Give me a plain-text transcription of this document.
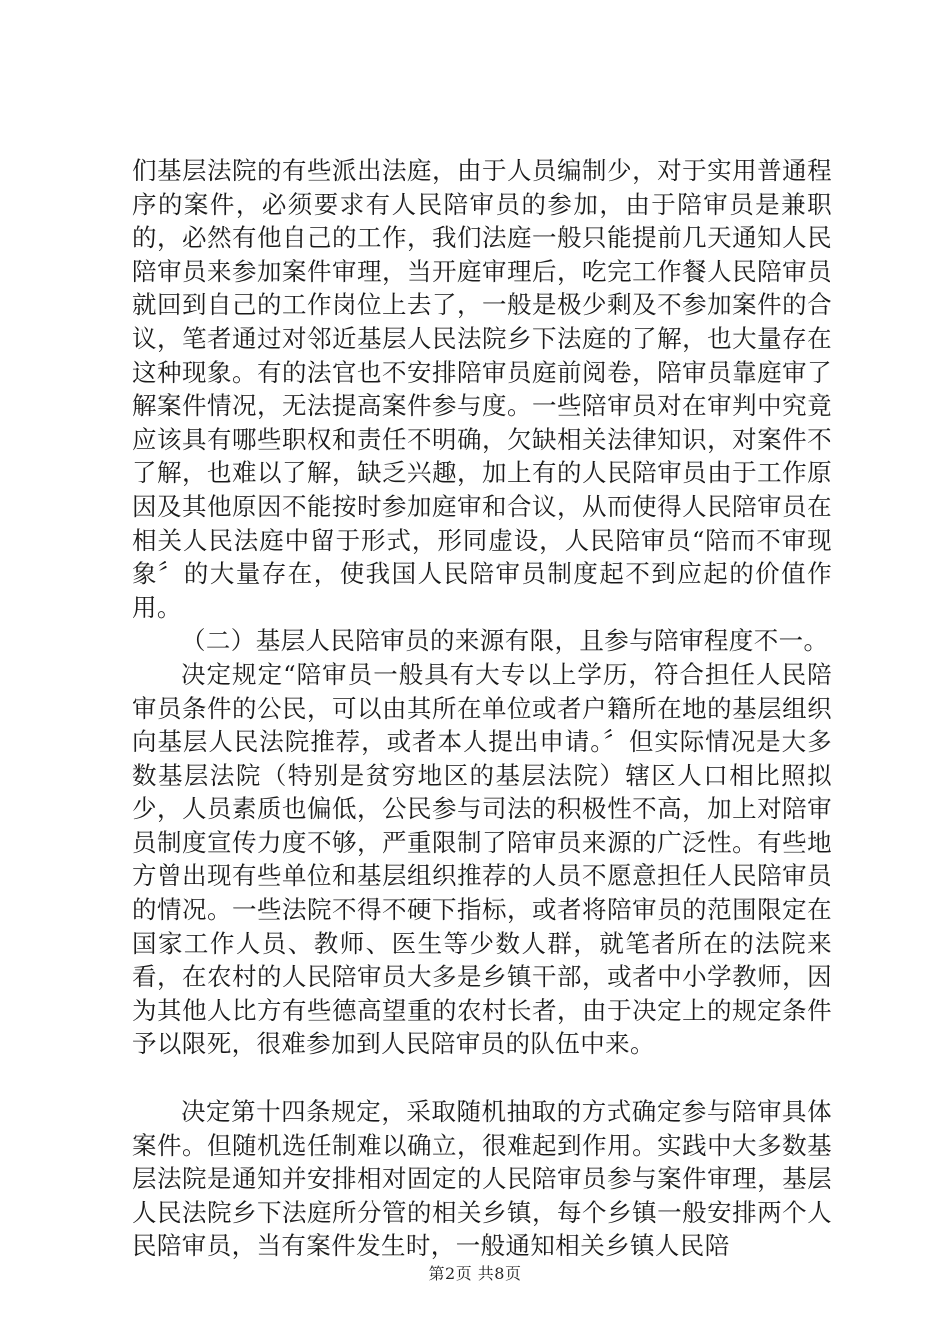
们基层法院的有些派出法庭，由于人员编制少，对于实用普通程序的案件，必须要求有人民陪审员的参加，由于陪审员是兼职的，必然有他自己的工作，我们法庭一般只能提前几天通知人民陪审员来参加案件审理，当开庭审理后，吃完工作餐人民陪审员就回到自己的工作岗位上去了，一般是极少剩及不参加案件的合议，笔者通过对邻近基层人民法院乡下法庭的了解，也大量存在这种现象。有的法官也不安排陪审员庭前阅卷，陪审员靠庭审了解案件情况，无法提高案件参与度。一些陪审员对在审判中究竟应该具有哪些职权和责任不明确，欠缺相关法律知识，对案件不了解，也难以了解，缺乏兴趣，加上有的人民陪审员由于工作原因及其他原因不能按时参加庭审和合议，从而使得人民陪审员在相关人民法庭中留于形式，形同虚设，人民陪审员“陪而不审现象〞的大量存在，使我国人民陪审员制度起不到应起的价值作用。

（二）基层人民陪审员的来源有限，且参与陪审程度不一。

决定规定“陪审员一般具有大专以上学历，符合担任人民陪审员条件的公民，可以由其所在单位或者户籍所在地的基层组织向基层人民法院推荐，或者本人提出申请。〞但实际情况是大多数基层法院（特别是贫穷地区的基层法院）辖区人口相比照拟少，人员素质也偏低，公民参与司法的积极性不高，加上对陪审员制度宣传力度不够，严重限制了陪审员来源的广泛性。有些地方曾出现有些单位和基层组织推荐的人员不愿意担任人民陪审员的情况。一些法院不得不硬下指标，或者将陪审员的范围限定在国家工作人员、教师、医生等少数人群，就笔者所在的法院来看，在农村的人民陪审员大多是乡镇干部，或者中小学教师，因为其他人比方有些德高望重的农村长者，由于决定上的规定条件予以限死，很难参加到人民陪审员的队伍中来。

决定第十四条规定，采取随机抽取的方式确定参与陪审具体案件。但随机选任制难以确立，很难起到作用。实践中大多数基层法院是通知并安排相对固定的人民陪审员参与案件审理，基层人民法院乡下法庭所分管的相关乡镇，每个乡镇一般安排两个人民陪审员，当有案件发生时，一般通知相关乡镇人民陪

第2页 共8页
